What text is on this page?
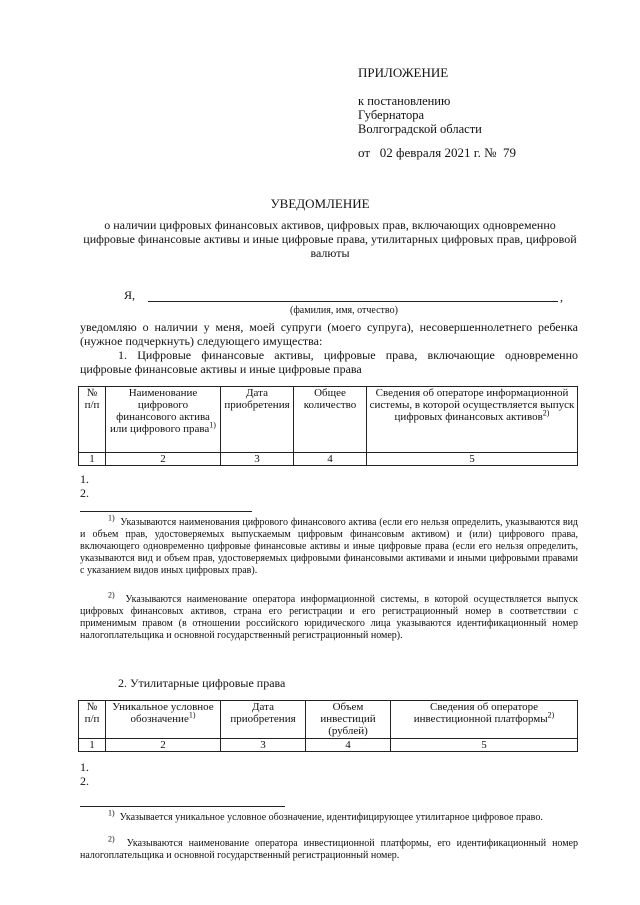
ПРИЛОЖЕНИЕ
к постановлению
Губернатора
Волгоградской области
от 02 февраля 2021 г. № 79
УВЕДОМЛЕНИЕ
о наличии цифровых финансовых активов, цифровых прав, включающих одновременно цифровые финансовые активы и иные цифровые права, утилитарных цифровых прав, цифровой валюты
Я,	,
(фамилия, имя, отчество)
уведомляю о наличии у меня, моей супруги (моего супруга), несовершеннолетнего ребенка (нужное подчеркнуть) следующего имущества:
1. Цифровые финансовые активы, цифровые права, включающие одновременно цифровые финансовые активы и иные цифровые права
№ п/п	Наименование цифрового финансового актива или цифрового права$^{1)}$	Дата приобретения	Общее количество	Сведения об операторе информационной системы, в которой осуществляется выпуск цифровых финансовых активов$^{2)}$
1	2	3	4	5
1.
2.
$^{1)}$ Указываются наименования цифрового финансового актива (если его нельзя определить, указываются вид и объем прав, удостоверяемых выпускаемым цифровым финансовым активом) и (или) цифрового права, включающего одновременно цифровые финансовые активы и иные цифровые права (если его нельзя определить, указываются вид и объем прав, удостоверяемых цифровыми финансовыми активами и иными цифровыми правами с указанием видов иных цифровых прав).
$^{2)}$ Указываются наименование оператора информационной системы, в которой осуществляется выпуск цифровых финансовых активов, страна его регистрации и его регистрационный номер в соответствии с применимым правом (в отношении российского юридического лица указываются идентификационный номер налогоплательщика и основной государственный регистрационный номер).
2. Утилитарные цифровые права
№ п/п	Уникальное условное обозначение$^{1)}$	Дата приобретения	Объем инвестиций (рублей)	Сведения об операторе инвестиционной платформы$^{2)}$
1	2	3	4	5
1.
2.
$^{1)}$ Указывается уникальное условное обозначение, идентифицирующее утилитарное цифровое право.
$^{2)}$ Указываются наименование оператора инвестиционной платформы, его идентификационный номер налогоплательщика и основной государственный регистрационный номер.
